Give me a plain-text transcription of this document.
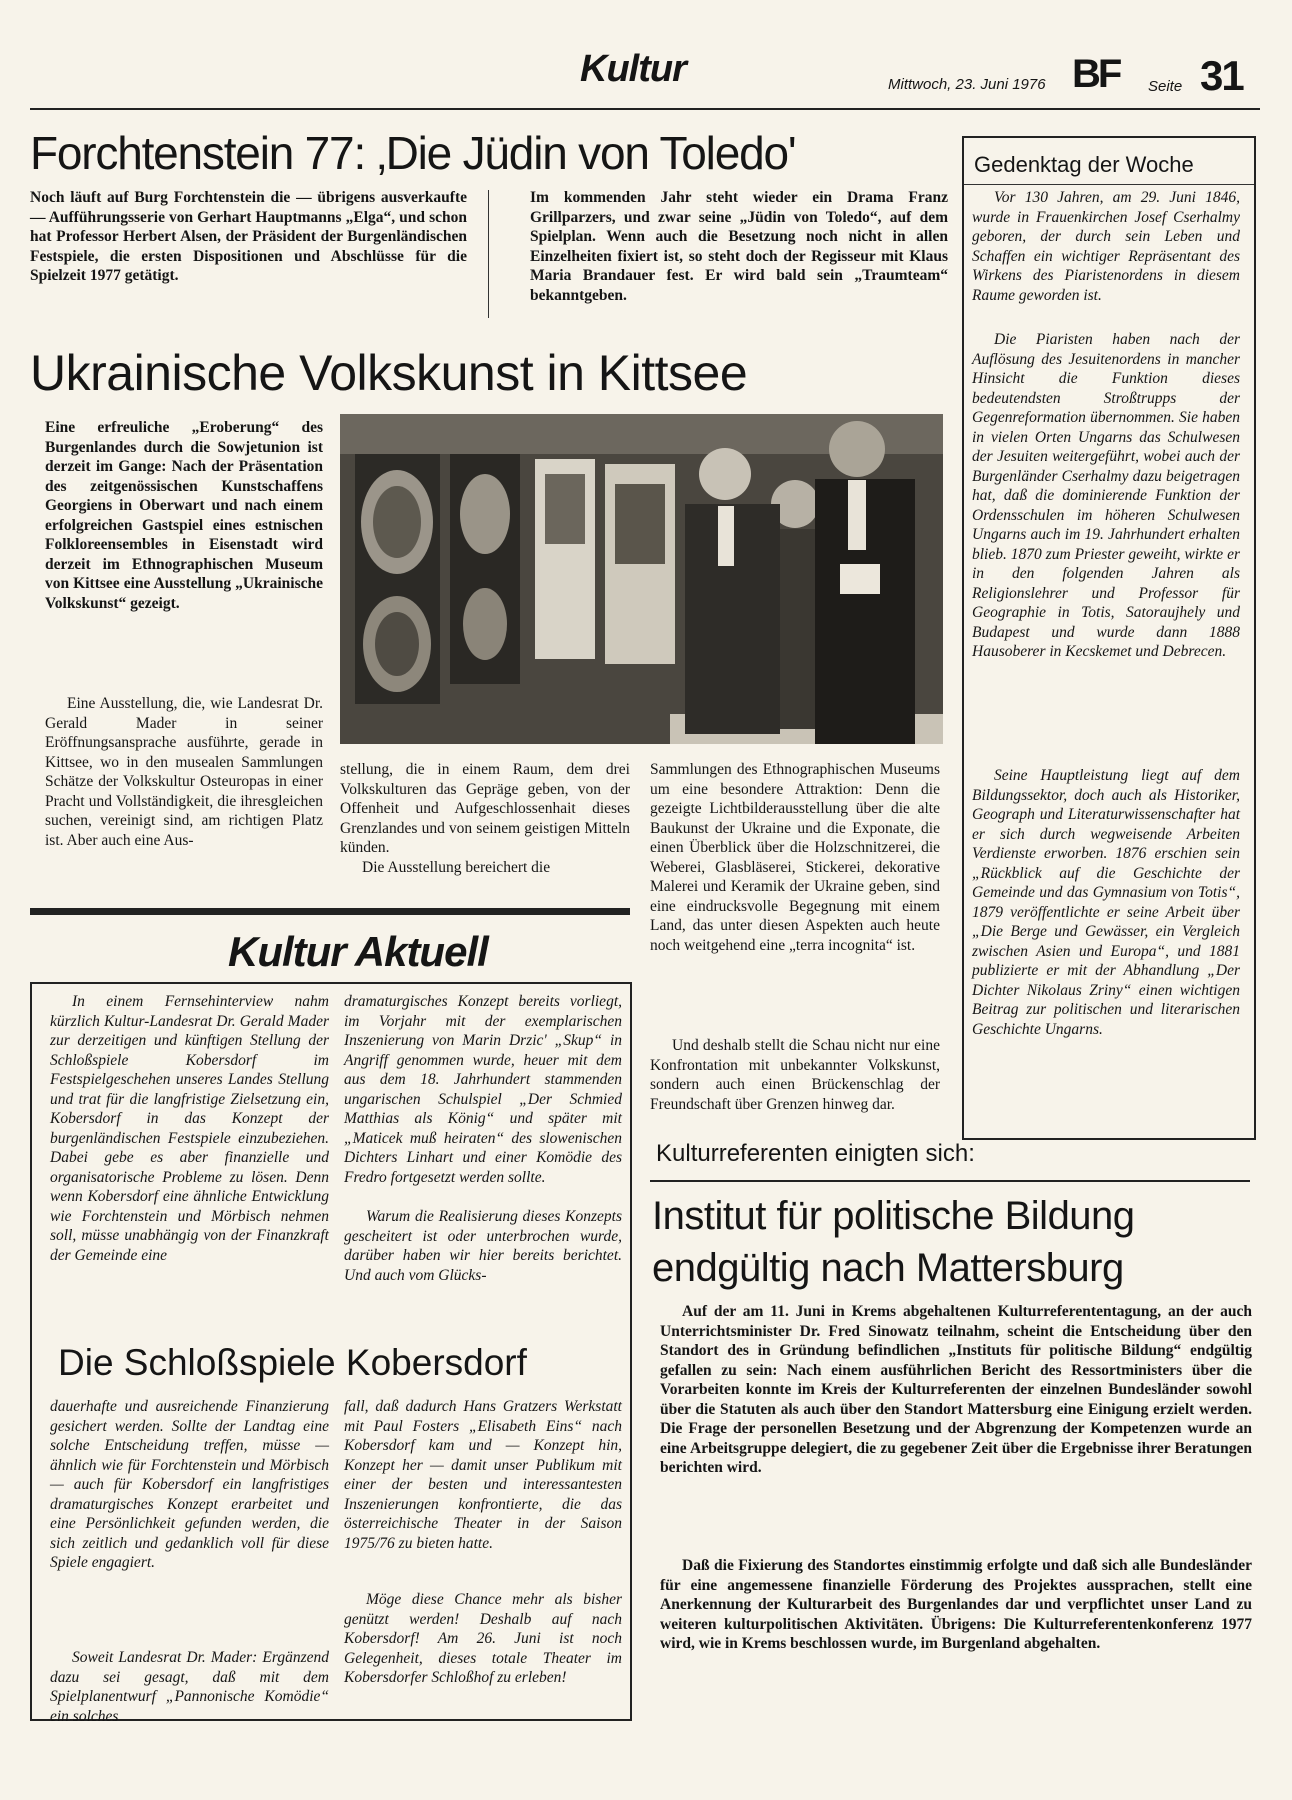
Kultur	Mittwoch, 23. Juni 1976 BF Seite 31
Forchtenstein 77: ‚Die Jüdin von Toledo'
Noch läuft auf Burg Forchtenstein die — übrigens ausverkaufte — Aufführungsserie von Gerhart Hauptmanns „Elga“, und schon hat Professor Herbert Alsen, der Präsident der Burgenländischen Festspiele, die ersten Dispositionen und Abschlüsse für die Spielzeit 1977 getätigt.
Im kommenden Jahr steht wieder ein Drama Franz Grillparzers, und zwar seine „Jüdin von Toledo“, auf dem Spielplan. Wenn auch die Besetzung noch nicht in allen Einzelheiten fixiert ist, so steht doch der Regisseur mit Klaus Maria Brandauer fest. Er wird bald sein „Traumteam“ bekanntgeben.
Ukrainische Volkskunst in Kittsee
Eine erfreuliche „Eroberung“ des Burgenlandes durch die Sowjetunion ist derzeit im Gange: Nach der Präsentation des zeitgenössischen Kunstschaffens Georgiens in Oberwart und nach einem erfolgreichen Gastspiel eines estnischen Folkloreensembles in Eisenstadt wird derzeit im Ethnographischen Museum von Kittsee eine Ausstellung „Ukrainische Volkskunst“ gezeigt.
Eine Ausstellung, die, wie Landesrat Dr. Gerald Mader in seiner Eröffnungsansprache ausführte, gerade in Kittsee, wo in den musealen Sammlungen Schätze der Volkskultur Osteuropas in einer Pracht und Vollständigkeit, die ihresgleichen suchen, vereinigt sind, am richtigen Platz ist. Aber auch eine Aus-
stellung, die in einem Raum, dem drei Volkskulturen das Gepräge geben, von der Offenheit und Aufgeschlossenhait dieses Grenzlandes und von seinem geistigen Mitteln künden.
Die Ausstellung bereichert die
Sammlungen des Ethnographischen Museums um eine besondere Attraktion: Denn die gezeigte Lichtbilderausstellung über die alte Baukunst der Ukraine und die Exponate, die einen Überblick über die Holzschnitzerei, die Weberei, Glasbläserei, Stickerei, dekorative Malerei und Keramik der Ukraine geben, sind eine eindrucksvolle Begegnung mit einem Land, das unter diesen Aspekten auch heute noch weitgehend eine „terra incognita“ ist.
Und deshalb stellt die Schau nicht nur eine Konfrontation mit unbekannter Volkskunst, sondern auch einen Brückenschlag der Freundschaft über Grenzen hinweg dar.
Kultur Aktuell
In einem Fernsehinterview nahm kürzlich Kultur-Landesrat Dr. Gerald Mader zur derzeitigen und künftigen Stellung der Schloßspiele Kobersdorf im Festspielgeschehen unseres Landes Stellung und trat für die langfristige Zielsetzung ein, Kobersdorf in das Konzept der burgenländischen Festspiele einzubeziehen. Dabei gebe es aber finanzielle und organisatorische Probleme zu lösen. Denn wenn Kobersdorf eine ähnliche Entwicklung wie Forchtenstein und Mörbisch nehmen soll, müsse unabhängig von der Finanzkraft der Gemeinde eine
dramaturgisches Konzept bereits vorliegt, im Vorjahr mit der exemplarischen Inszenierung von Marin Drzic' „Skup“ in Angriff genommen wurde, heuer mit dem aus dem 18. Jahrhundert stammenden ungarischen Schulspiel „Der Schmied Matthias als König“ und später mit „Maticek muß heiraten“ des slowenischen Dichters Linhart und einer Komödie des Fredro fortgesetzt werden sollte.
Warum die Realisierung dieses Konzepts gescheitert ist oder unterbrochen wurde, darüber haben wir hier bereits berichtet. Und auch vom Glücks-
Die Schloßspiele Kobersdorf
dauerhafte und ausreichende Finanzierung gesichert werden. Sollte der Landtag eine solche Entscheidung treffen, müsse — ähnlich wie für Forchtenstein und Mörbisch — auch für Kobersdorf ein langfristiges dramaturgisches Konzept erarbeitet und eine Persönlichkeit gefunden werden, die sich zeitlich und gedanklich voll für diese Spiele engagiert.
Soweit Landesrat Dr. Mader: Ergänzend dazu sei gesagt, daß mit dem Spielplanentwurf „Pannonische Komödie“ ein solches
fall, daß dadurch Hans Gratzers Werkstatt mit Paul Fosters „Elisabeth Eins“ nach Kobersdorf kam und — Konzept hin, Konzept her — damit unser Publikum mit einer der besten und interessantesten Inszenierungen konfrontierte, die das österreichische Theater in der Saison 1975/76 zu bieten hatte.
Möge diese Chance mehr als bisher genützt werden! Deshalb auf nach Kobersdorf! Am 26. Juni ist noch Gelegenheit, dieses totale Theater im Kobersdorfer Schloßhof zu erleben!
Gedenktag der Woche
Vor 130 Jahren, am 29. Juni 1846, wurde in Frauenkirchen Josef Cserhalmy geboren, der durch sein Leben und Schaffen ein wichtiger Repräsentant des Wirkens des Piaristenordens in diesem Raume geworden ist.
Die Piaristen haben nach der Auflösung des Jesuitenordens in mancher Hinsicht die Funktion dieses bedeutendsten Stroßtrupps der Gegenreformation übernommen. Sie haben in vielen Orten Ungarns das Schulwesen der Jesuiten weitergeführt, wobei auch der Burgenländer Cserhalmy dazu beigetragen hat, daß die dominierende Funktion der Ordensschulen im höheren Schulwesen Ungarns auch im 19. Jahrhundert erhalten blieb. 1870 zum Priester geweiht, wirkte er in den folgenden Jahren als Religionslehrer und Professor für Geographie in Totis, Satoraujhely und Budapest und wurde dann 1888 Hausoberer in Kecskemet und Debrecen.
Seine Hauptleistung liegt auf dem Bildungssektor, doch auch als Historiker, Geograph und Literaturwissenschafter hat er sich durch wegweisende Arbeiten Verdienste erworben. 1876 erschien sein „Rückblick auf die Geschichte der Gemeinde und das Gymnasium von Totis“, 1879 veröffentlichte er seine Arbeit über „Die Berge und Gewässer, ein Vergleich zwischen Asien und Europa“, und 1881 publizierte er mit der Abhandlung „Der Dichter Nikolaus Zriny“ einen wichtigen Beitrag zur politischen und literarischen Geschichte Ungarns.
Kulturreferenten einigten sich:
Institut für politische Bildung
endgültig nach Mattersburg
Auf der am 11. Juni in Krems abgehaltenen Kulturreferententagung, an der auch Unterrichtsminister Dr. Fred Sinowatz teilnahm, scheint die Entscheidung über den Standort des in Gründung befindlichen „Instituts für politische Bildung“ endgültig gefallen zu sein: Nach einem ausführlichen Bericht des Ressortministers über die Vorarbeiten konnte im Kreis der Kulturreferenten der einzelnen Bundesländer sowohl über die Statuten als auch über den Standort Mattersburg eine Einigung erzielt werden. Die Frage der personellen Besetzung und der Abgrenzung der Kompetenzen wurde an eine Arbeitsgruppe delegiert, die zu gegebener Zeit über die Ergebnisse ihrer Beratungen berichten wird.
Daß die Fixierung des Standortes einstimmig erfolgte und daß sich alle Bundesländer für eine angemessene finanzielle Förderung des Projektes aussprachen, stellt eine Anerkennung der Kulturarbeit des Burgenlandes dar und verpflichtet unser Land zu weiteren kulturpolitischen Aktivitäten. Übrigens: Die Kulturreferentenkonferenz 1977 wird, wie in Krems beschlossen wurde, im Burgenland abgehalten.
